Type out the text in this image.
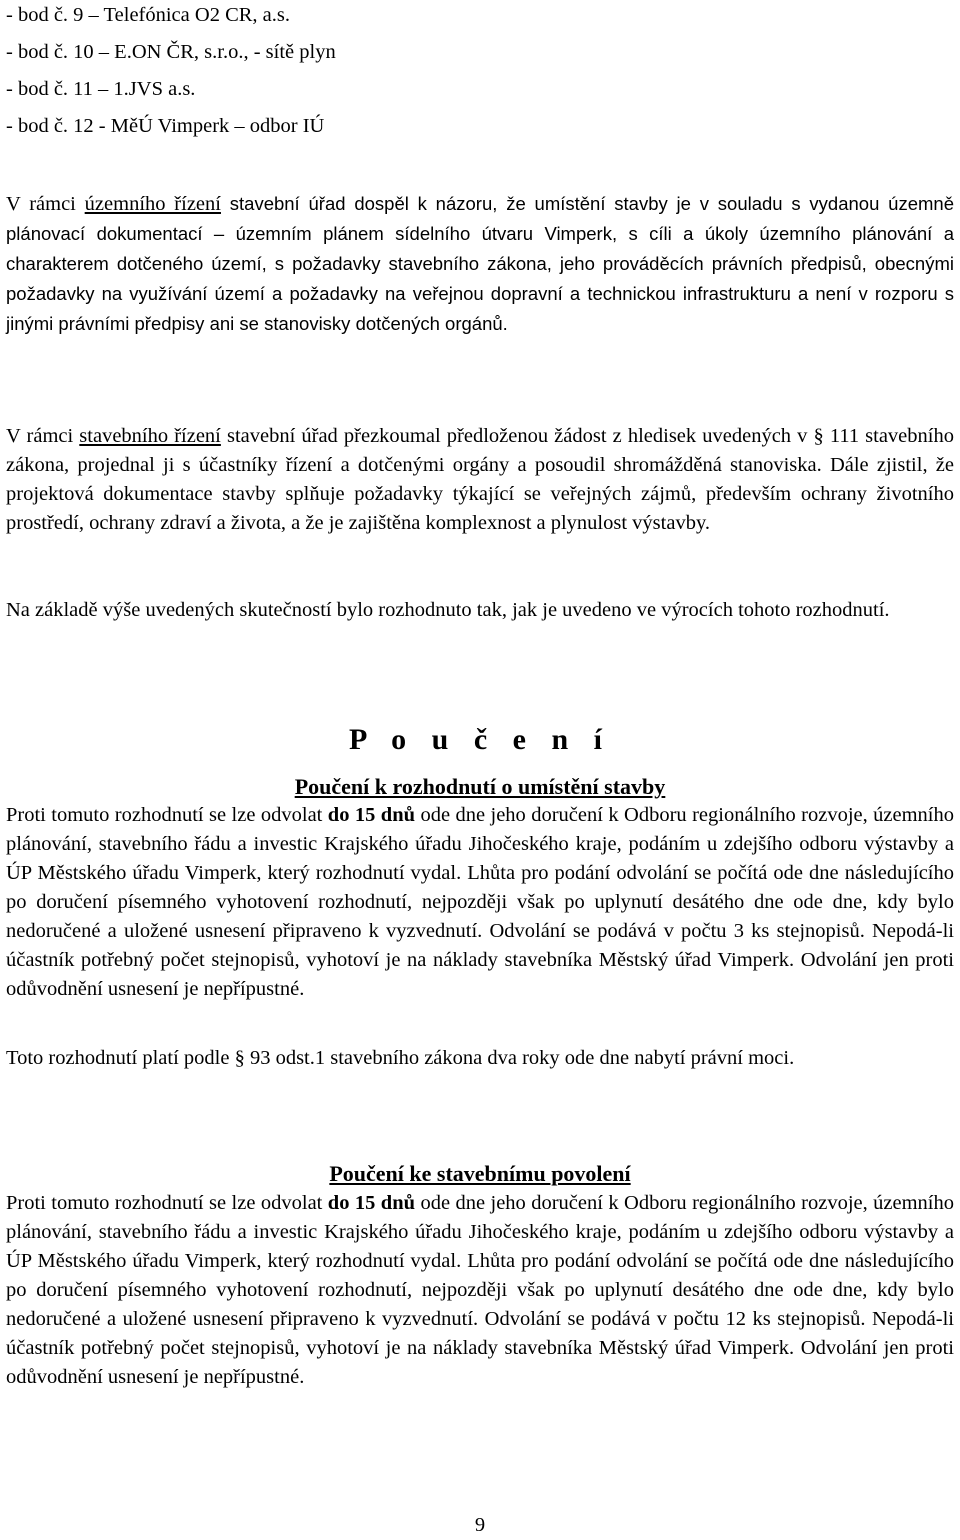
- bod č. 9 – Telefónica O2 CR, a.s.
- bod č. 10 – E.ON ČR, s.r.o., - sítě plyn
- bod č. 11 – 1.JVS a.s.
- bod č. 12 - MěÚ Vimperk – odbor IÚ

V rámci územního řízení stavební úřad dospěl k názoru, že umístění stavby je v souladu s vydanou územně plánovací dokumentací – územním plánem sídelního útvaru Vimperk, s cíli a úkoly územního plánování a charakterem dotčeného území, s požadavky stavebního zákona, jeho prováděcích právních předpisů, obecnými požadavky na využívání území a požadavky na veřejnou dopravní a technickou infrastrukturu a není v rozporu s jinými právními předpisy ani se stanovisky dotčených orgánů.

V rámci stavebního řízení stavební úřad přezkoumal předloženou žádost z hledisek uvedených v § 111 stavebního zákona, projednal ji s účastníky řízení a dotčenými orgány a posoudil shromážděná stanoviska. Dále zjistil, že projektová dokumentace stavby splňuje požadavky týkající se veřejných zájmů, především ochrany životního prostředí, ochrany zdraví a života, a že je zajištěna komplexnost a plynulost výstavby.

Na základě výše uvedených skutečností bylo rozhodnuto tak, jak je uvedeno ve výrocích tohoto rozhodnutí.

P o u č e n í
Poučení k rozhodnutí o umístění stavby

Proti tomuto rozhodnutí se lze odvolat do 15 dnů ode dne jeho doručení k Odboru regionálního rozvoje, územního plánování, stavebního řádu a investic Krajského úřadu Jihočeského kraje, podáním u zdejšího odboru výstavby a ÚP Městského úřadu Vimperk, který rozhodnutí vydal. Lhůta pro podání odvolání se počítá ode dne následujícího po doručení písemného vyhotovení rozhodnutí, nejpozději však po uplynutí desátého dne ode dne, kdy bylo nedoručené a uložené usnesení připraveno k vyzvednutí. Odvolání se podává v počtu 3 ks stejnopisů. Nepodá-li účastník potřebný počet stejnopisů, vyhotoví je na náklady stavebníka Městský úřad Vimperk. Odvolání jen proti odůvodnění usnesení je nepřípustné.

Toto rozhodnutí platí podle § 93 odst.1 stavebního zákona dva roky ode dne nabytí právní moci.

Poučení ke stavebnímu povolení

Proti tomuto rozhodnutí se lze odvolat do 15 dnů ode dne jeho doručení k Odboru regionálního rozvoje, územního plánování, stavebního řádu a investic Krajského úřadu Jihočeského kraje, podáním u zdejšího odboru výstavby a ÚP Městského úřadu Vimperk, který rozhodnutí vydal. Lhůta pro podání odvolání se počítá ode dne následujícího po doručení písemného vyhotovení rozhodnutí, nejpozději však po uplynutí desátého dne ode dne, kdy bylo nedoručené a uložené usnesení připraveno k vyzvednutí. Odvolání se podává v počtu 12 ks stejnopisů. Nepodá-li účastník potřebný počet stejnopisů, vyhotoví je na náklady stavebníka Městský úřad Vimperk. Odvolání jen proti odůvodnění usnesení je nepřípustné.

9
